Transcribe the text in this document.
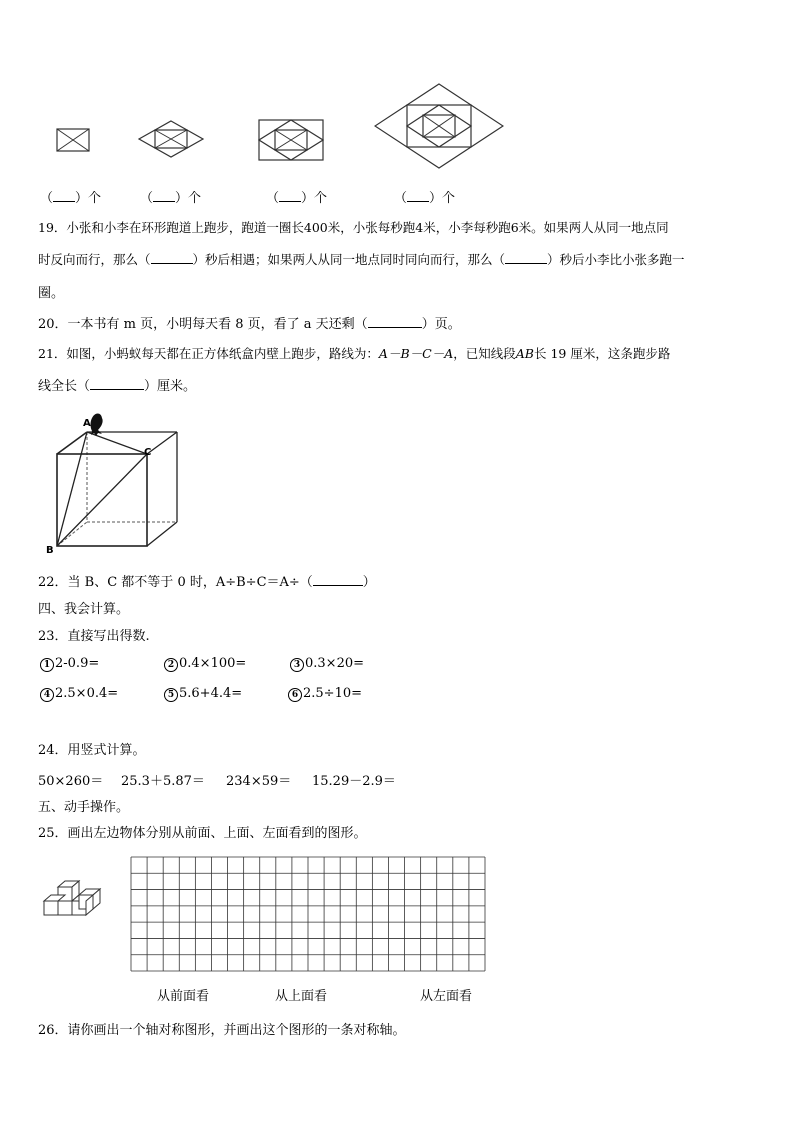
（ ）个	（ ）个	（ ）个	（ ）个
19．小张和小李在环形跑道上跑步，跑道一圈长400米，小张每秒跑4米，小李每秒跑6米。如果两人从同一地点同
时反向而行，那么（	）秒后相遇；如果两人从同一地点同时同向而行，那么（	）秒后小李比小张多跑一
圈。
20．一本书有 m 页，小明每天看 8 页，看了 a 天还剩（	）页。
21．如图，小蚂蚁每天都在正方体纸盒内壁上跑步，路线为：A－B－C－A，已知线段AB长 19 厘米，这条跑步路
线全长（	）厘米。
A
B
C
22．当 B、C 都不等于 0 时，A÷B÷C＝A÷（	）
四、我会计算。
23．直接写出得数.
1 2-0.9=	2 0.4×100=	3 0.3×20=
4 2.5×0.4=	5 5.6+4.4=	6 2.5÷10=
24．用竖式计算。
50×260＝ 25.3＋5.87＝ 234×59＝ 15.29－2.9＝
五、动手操作。
25．画出左边物体分别从前面、上面、左面看到的图形。
从前面看	从上面看	从左面看
26．请你画出一个轴对称图形，并画出这个图形的一条对称轴。
